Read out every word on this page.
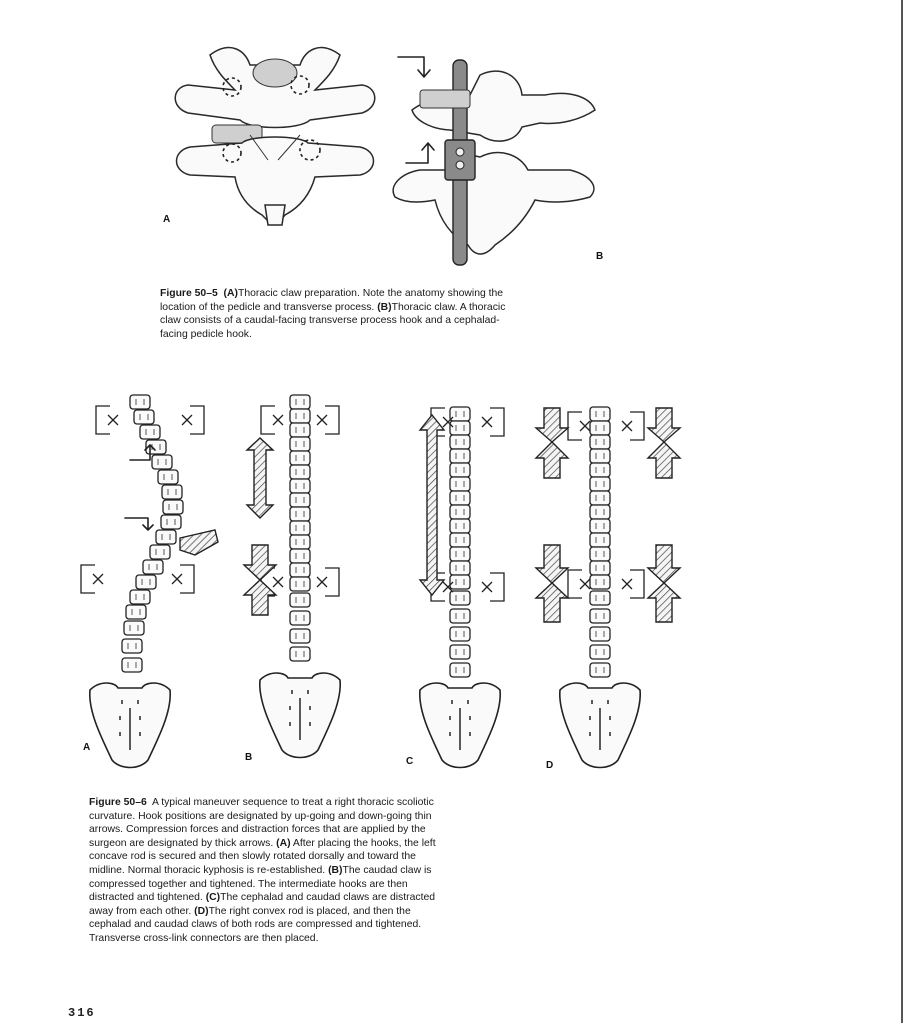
A
B
Figure 50–5 (A)Thoracic claw preparation. Note the anatomy showing the location of the pedicle and transverse process. (B)Thoracic claw. A thoracic claw consists of a caudal-facing transverse process hook and a cephalad-facing pedicle hook.
A
B	C	D
Figure 50–6 A typical maneuver sequence to treat a right thoracic scoliotic curvature. Hook positions are designated by up-going and down-going thin arrows. Compression forces and distraction forces that are applied by the surgeon are designated by thick arrows. (A) After placing the hooks, the left concave rod is secured and then slowly rotated dorsally and toward the midline. Normal thoracic kyphosis is re-established. (B)The caudad claw is compressed together and tightened. The intermediate hooks are then distracted and tightened. (C)The cephalad and caudad claws are distracted away from each other. (D)The right convex rod is placed, and then the cephalad and caudad claws of both rods are compressed and tightened. Transverse cross-link connectors are then placed.
316
